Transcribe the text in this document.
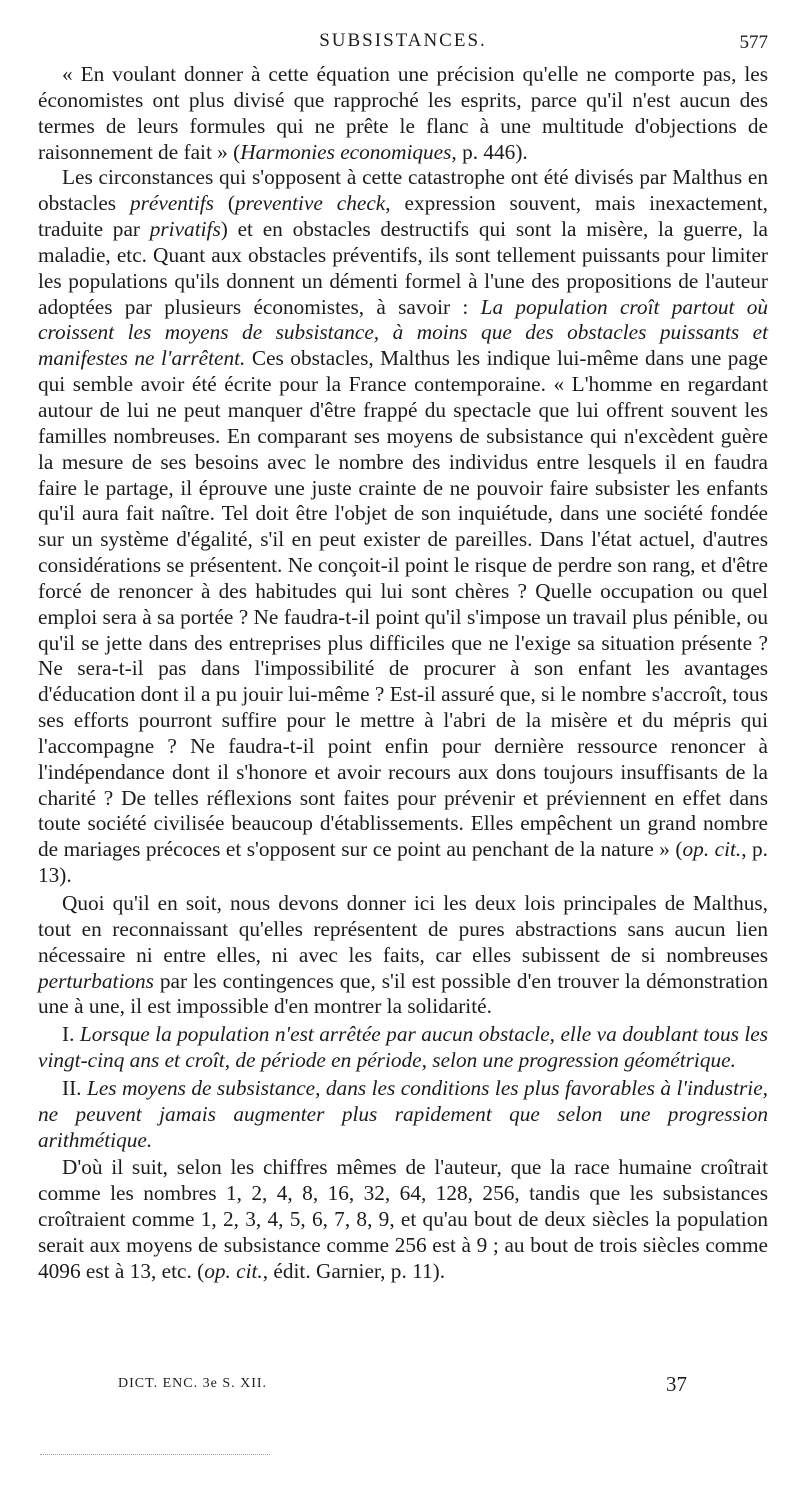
SUBSISTANCES.	577

« En voulant donner à cette équation une précision qu'elle ne comporte pas, les économistes ont plus divisé que rapproché les esprits, parce qu'il n'est aucun des termes de leurs formules qui ne prête le flanc à une multitude d'objections de raisonnement de fait » (Harmonies economiques, p. 446).

Les circonstances qui s'opposent à cette catastrophe ont été divisés par Malthus en obstacles préventifs (preventive check, expression souvent, mais inexactement, traduite par privatifs) et en obstacles destructifs qui sont la misère, la guerre, la maladie, etc. Quant aux obstacles préventifs, ils sont tellement puissants pour limiter les populations qu'ils donnent un démenti formel à l'une des propositions de l'auteur adoptées par plusieurs économistes, à savoir : La population croît partout où croissent les moyens de subsistance, à moins que des obstacles puissants et manifestes ne l'arrêtent. Ces obstacles, Malthus les indique lui-même dans une page qui semble avoir été écrite pour la France contemporaine. « L'homme en regardant autour de lui ne peut manquer d'être frappé du spectacle que lui offrent souvent les familles nombreuses. En comparant ses moyens de subsistance qui n'excèdent guère la mesure de ses besoins avec le nombre des individus entre lesquels il en faudra faire le partage, il éprouve une juste crainte de ne pouvoir faire subsister les enfants qu'il aura fait naître. Tel doit être l'objet de son inquiétude, dans une société fondée sur un système d'égalité, s'il en peut exister de pareilles. Dans l'état actuel, d'autres considérations se présentent. Ne conçoit-il point le risque de perdre son rang, et d'être forcé de renoncer à des habitudes qui lui sont chères ? Quelle occupation ou quel emploi sera à sa portée ? Ne faudra-t-il point qu'il s'impose un travail plus pénible, ou qu'il se jette dans des entreprises plus difficiles que ne l'exige sa situation présente ? Ne sera-t-il pas dans l'impossibilité de procurer à son enfant les avantages d'éducation dont il a pu jouir lui-même ? Est-il assuré que, si le nombre s'accroît, tous ses efforts pourront suffire pour le mettre à l'abri de la misère et du mépris qui l'accompagne ? Ne faudra-t-il point enfin pour dernière ressource renoncer à l'indépendance dont il s'honore et avoir recours aux dons toujours insuffisants de la charité ? De telles réflexions sont faites pour prévenir et préviennent en effet dans toute société civilisée beaucoup d'établissements. Elles empêchent un grand nombre de mariages précoces et s'opposent sur ce point au penchant de la nature » (op. cit., p. 13).

Quoi qu'il en soit, nous devons donner ici les deux lois principales de Malthus, tout en reconnaissant qu'elles représentent de pures abstractions sans aucun lien nécessaire ni entre elles, ni avec les faits, car elles subissent de si nombreuses perturbations par les contingences que, s'il est possible d'en trouver la démonstration une à une, il est impossible d'en montrer la solidarité.

I. Lorsque la population n'est arrêtée par aucun obstacle, elle va doublant tous les vingt-cinq ans et croît, de période en période, selon une progression géométrique.

II. Les moyens de subsistance, dans les conditions les plus favorables à l'industrie, ne peuvent jamais augmenter plus rapidement que selon une progression arithmétique.

D'où il suit, selon les chiffres mêmes de l'auteur, que la race humaine croîtrait comme les nombres 1, 2, 4, 8, 16, 32, 64, 128, 256, tandis que les subsistances croîtraient comme 1, 2, 3, 4, 5, 6, 7, 8, 9, et qu'au bout de deux siècles la population serait aux moyens de subsistance comme 256 est à 9 ; au bout de trois siècles comme 4096 est à 13, etc. (op. cit., édit. Garnier, p. 11).

DICT. ENC. 3e S. XII.	37
